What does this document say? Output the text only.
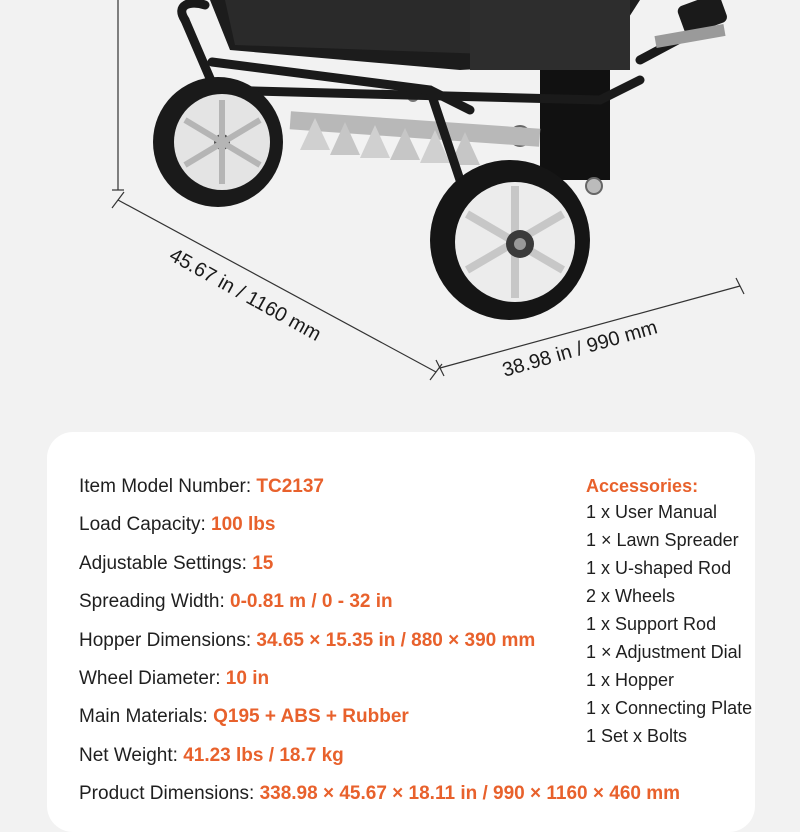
45.67 in / 1160 mm
38.98 in / 990 mm
Item Model Number: TC2137
Load Capacity: 100 lbs
Adjustable Settings: 15
Spreading Width: 0-0.81 m / 0 - 32 in
Hopper Dimensions: 34.65 × 15.35 in / 880 × 390 mm
Wheel Diameter: 10 in
Main Materials: Q195 + ABS + Rubber
Net Weight: 41.23 lbs / 18.7 kg
Product Dimensions: 338.98 × 45.67 × 18.11 in / 990 × 1160 × 460 mm
Accessories:
1 x User Manual
1 × Lawn Spreader
1 x U-shaped Rod
2 x Wheels
1 x Support Rod
1 × Adjustment Dial
1 x Hopper
1 x Connecting Plate
1 Set x Bolts
